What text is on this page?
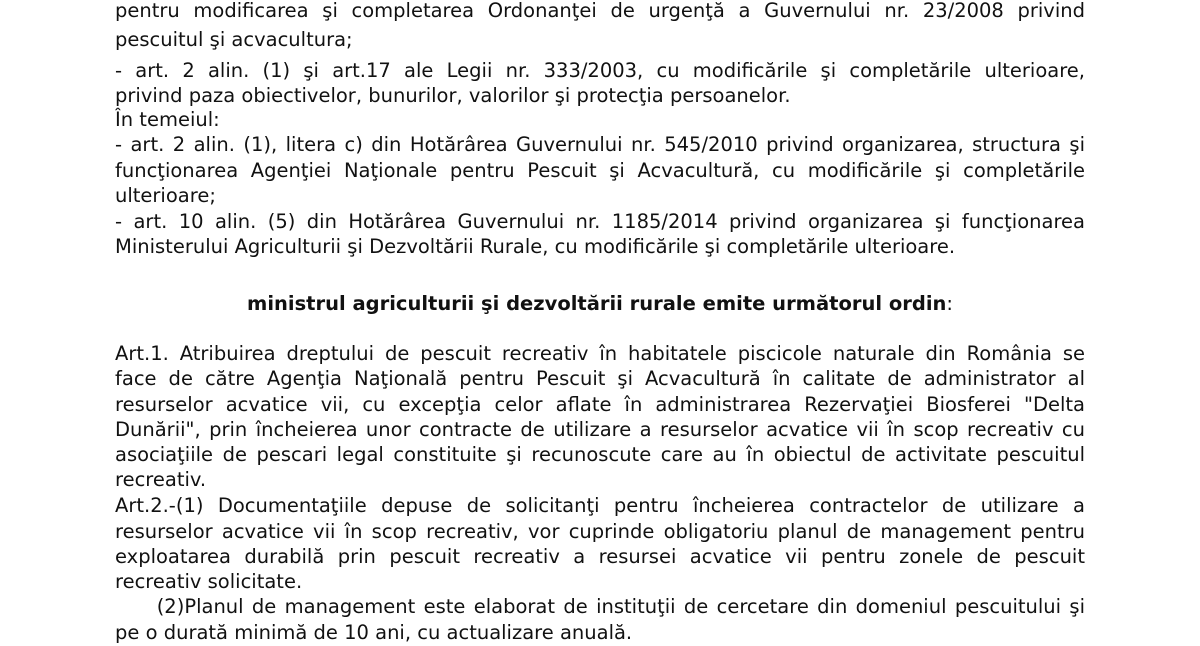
pentru modificarea şi completarea Ordonanţei de urgenţă a Guvernului nr. 23/2008 privind
pescuitul şi acvacultura;
- art. 2 alin. (1) şi art.17 ale Legii nr. 333/2003, cu modificările şi completările ulterioare,
privind paza obiectivelor, bunurilor, valorilor şi protecţia persoanelor.
În temeiul:
- art. 2 alin. (1), litera c) din Hotărârea Guvernului nr. 545/2010 privind organizarea, structura şi
funcţionarea Agenţiei Naţionale pentru Pescuit şi Acvacultură, cu modificările şi completările
ulterioare;
- art. 10 alin. (5) din Hotărârea Guvernului nr. 1185/2014 privind organizarea şi funcţionarea
Ministerului Agriculturii şi Dezvoltării Rurale, cu modificările şi completările ulterioare.
ministrul agriculturii şi dezvoltării rurale emite următorul ordin:
Art.1. Atribuirea dreptului de pescuit recreativ în habitatele piscicole naturale din România se
face de către Agenţia Naţională pentru Pescuit şi Acvacultură în calitate de administrator al
resurselor acvatice vii, cu excepţia celor aflate în administrarea Rezervaţiei Biosferei "Delta
Dunării", prin încheierea unor contracte de utilizare a resurselor acvatice vii în scop recreativ cu
asociaţiile de pescari legal constituite şi recunoscute care au în obiectul de activitate pescuitul
recreativ.
Art.2.-(1) Documentaţiile depuse de solicitanţi pentru încheierea contractelor de utilizare a
resurselor acvatice vii în scop recreativ, vor cuprinde obligatoriu planul de management pentru
exploatarea durabilă prin pescuit recreativ a resursei acvatice vii pentru zonele de pescuit
recreativ solicitate.
(2)Planul de management este elaborat de instituţii de cercetare din domeniul pescuitului şi
pe o durată minimă de 10 ani, cu actualizare anuală.
